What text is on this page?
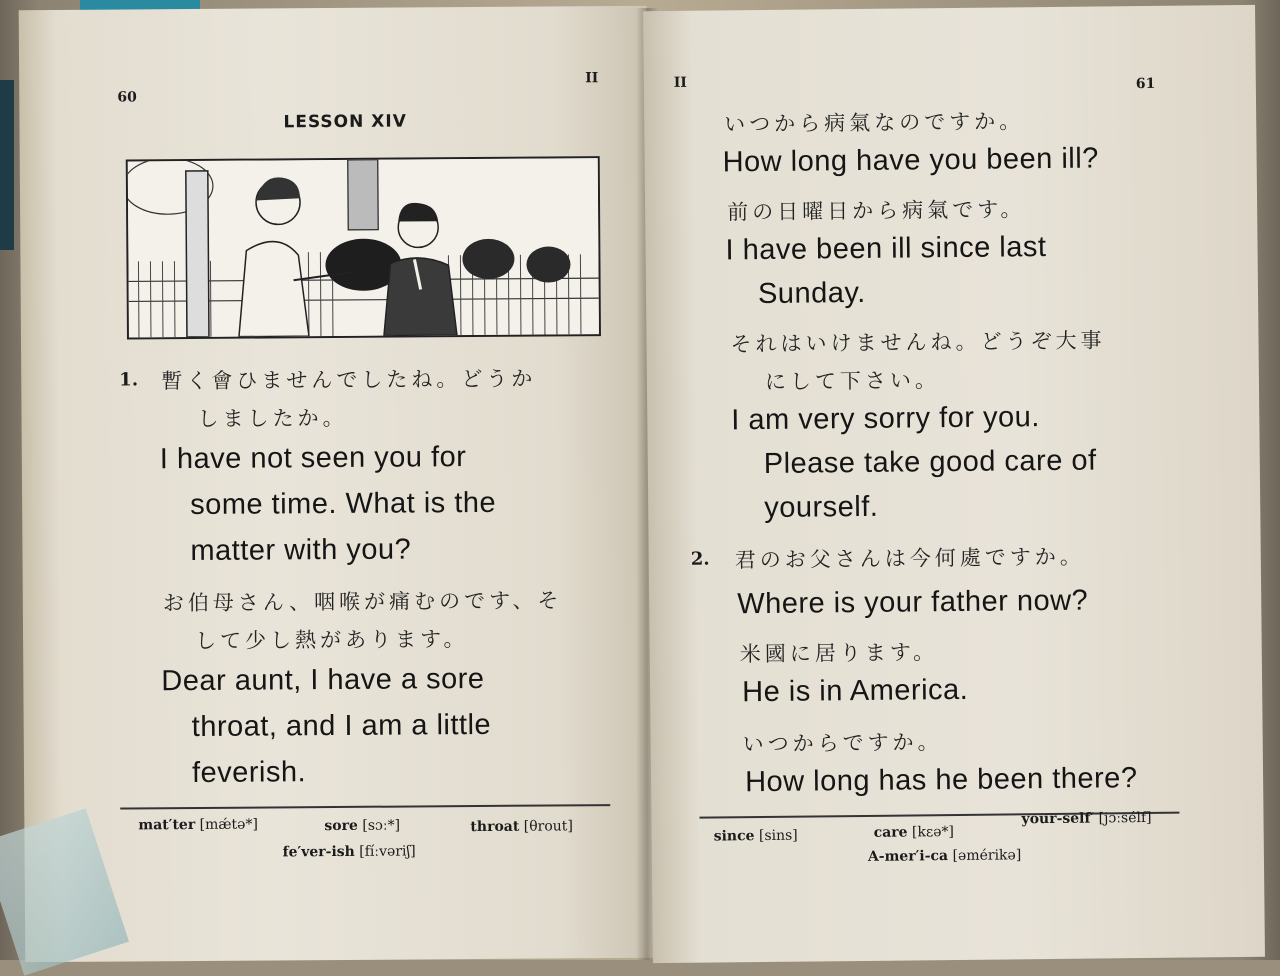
60
II
LESSON XIV
1. 暫く會ひませんでしたね。どうか
しましたか。
I have not seen you for
some time. What is the
matter with you?
お伯母さん、咽喉が痛むのです、そ
して少し熱があります。
Dear aunt, I have a sore
throat, and I am a little
feverish.
mat′ter [mǽtə*]	sore [sɔː*]	throat [θrout]
fe′ver-ish [fíːvəriʃ]
II	61
いつから病氣なのですか。
How long have you been ill?
前の日曜日から病氣です。
I have been ill since last
Sunday.
それはいけませんね。どうぞ大事
にして下さい。
I am very sorry for you.
Please take good care of
yourself.
2. 君のお父さんは今何處ですか。
Where is your father now?
米國に居ります。
He is in America.
いつからですか。
How long has he been there?
since [sins]	care [kɛə*]
your-self′ [jɔːsélf]
A-mer′i-ca [əmérikə]
